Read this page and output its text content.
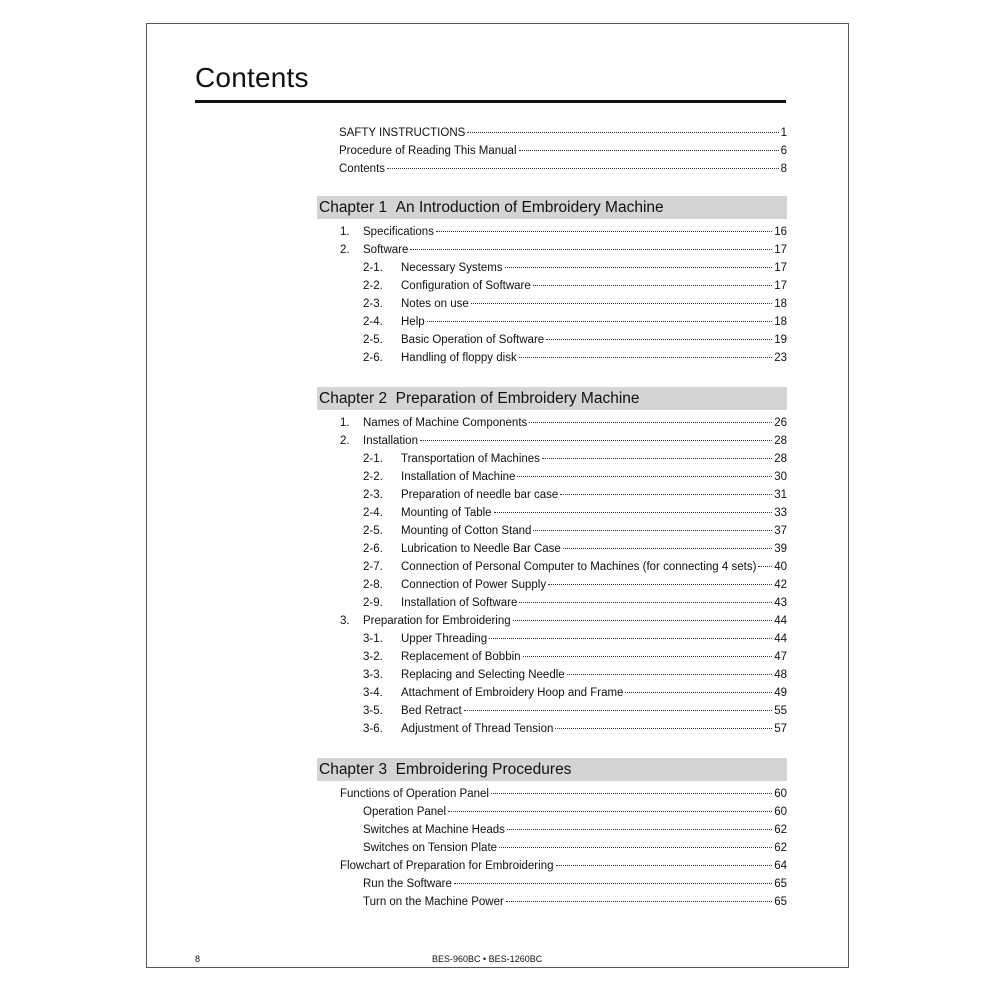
Contents
SAFTY INSTRUCTIONS	1
Procedure of Reading This Manual	6
Contents	8
Chapter 1  An Introduction of Embroidery Machine
1.	Specifications	16
2.	Software	17
2-1.	Necessary Systems	17
2-2.	Configuration of Software	17
2-3.	Notes on use	18
2-4.	Help	18
2-5.	Basic Operation of Software	19
2-6.	Handling of floppy disk	23
Chapter 2  Preparation of Embroidery Machine
1.	Names of Machine Components	26
2.	Installation	28
2-1.	Transportation of Machines	28
2-2.	Installation of Machine	30
2-3.	Preparation of needle bar case	31
2-4.	Mounting of Table	33
2-5.	Mounting of Cotton Stand	37
2-6.	Lubrication to Needle Bar Case	39
2-7.	Connection of Personal Computer to Machines (for connecting 4 sets) 40
2-8.	Connection of Power Supply	42
2-9.	Installation of Software	43
3.	Preparation for Embroidering	44
3-1.	Upper Threading	44
3-2.	Replacement of Bobbin	47
3-3.	Replacing and Selecting Needle	48
3-4.	Attachment of Embroidery Hoop and Frame	49
3-5.	Bed Retract	55
3-6.	Adjustment of Thread Tension	57
Chapter 3  Embroidering Procedures
Functions of Operation Panel	60
Operation Panel	60
Switches at Machine Heads	62
Switches on Tension Plate	62
Flowchart of Preparation for Embroidering	64
Run the Software	65
Turn on the Machine Power	65
8	BES-960BC • BES-1260BC
